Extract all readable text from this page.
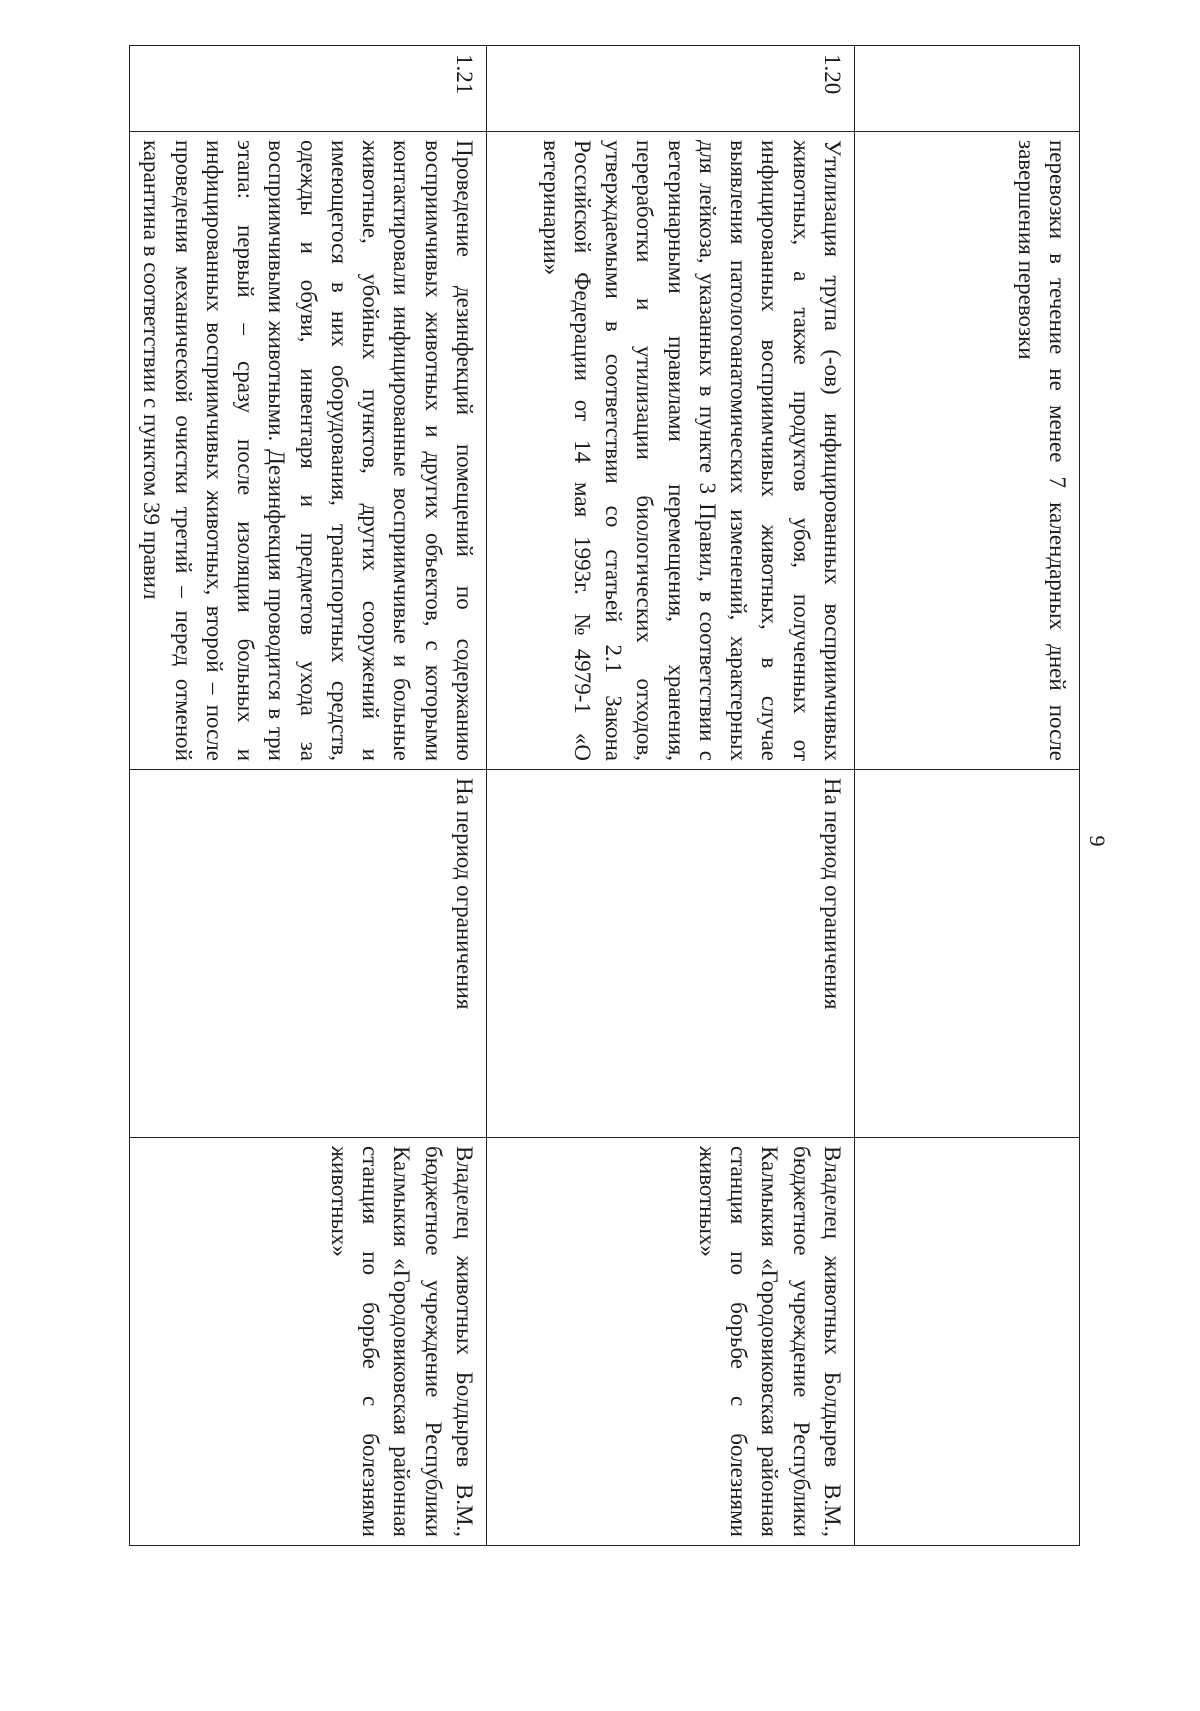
	перевозки в течение не менее 7 календарных дней после завершения перевозки		
1.20	Утилизация трупа (-ов) инфицированных восприимчивых животных, а также продуктов убоя, полученных от инфицированных восприимчивых животных, в случае выявления патологоанатомических изменений, характерных для лейкоза, указанных в пункте 3 Правил, в соответствии с ветеринарными правилами перемещения, хранения, переработки и утилизации биологических отходов, утверждаемыми в соответствии со статьей 2.1 Закона Российской Федерации от 14 мая 1993г. №4979-1 «О ветеринарии»	На период ограничения	Владелец животных Болдырев В.М., бюджетное учреждение Республики Калмыкия «Городовиковская районная станция по борьбе с болезнями животных»
1.21	Проведение дезинфекций помещений по содержанию восприимчивых животных и других объектов, с которыми контактировали инфицированные восприимчивые и больные животные, убойных пунктов, других сооружений и имеющегося в них оборудования, транспортных средств, одежды и обуви, инвентаря и предметов ухода за восприимчивыми животными. Дезинфекция проводится в три этапа: первый – сразу после изоляции больных и инфицированных восприимчивых животных, второй – после проведения механической очистки третий – перед отменой карантина в соответствии с пунктом 39 правил	На период ограничения	Владелец животных Болдырев В.М., бюджетное учреждение Республики Калмыкия «Городовиковская районная станция по борьбе с болезнями животных»
9
